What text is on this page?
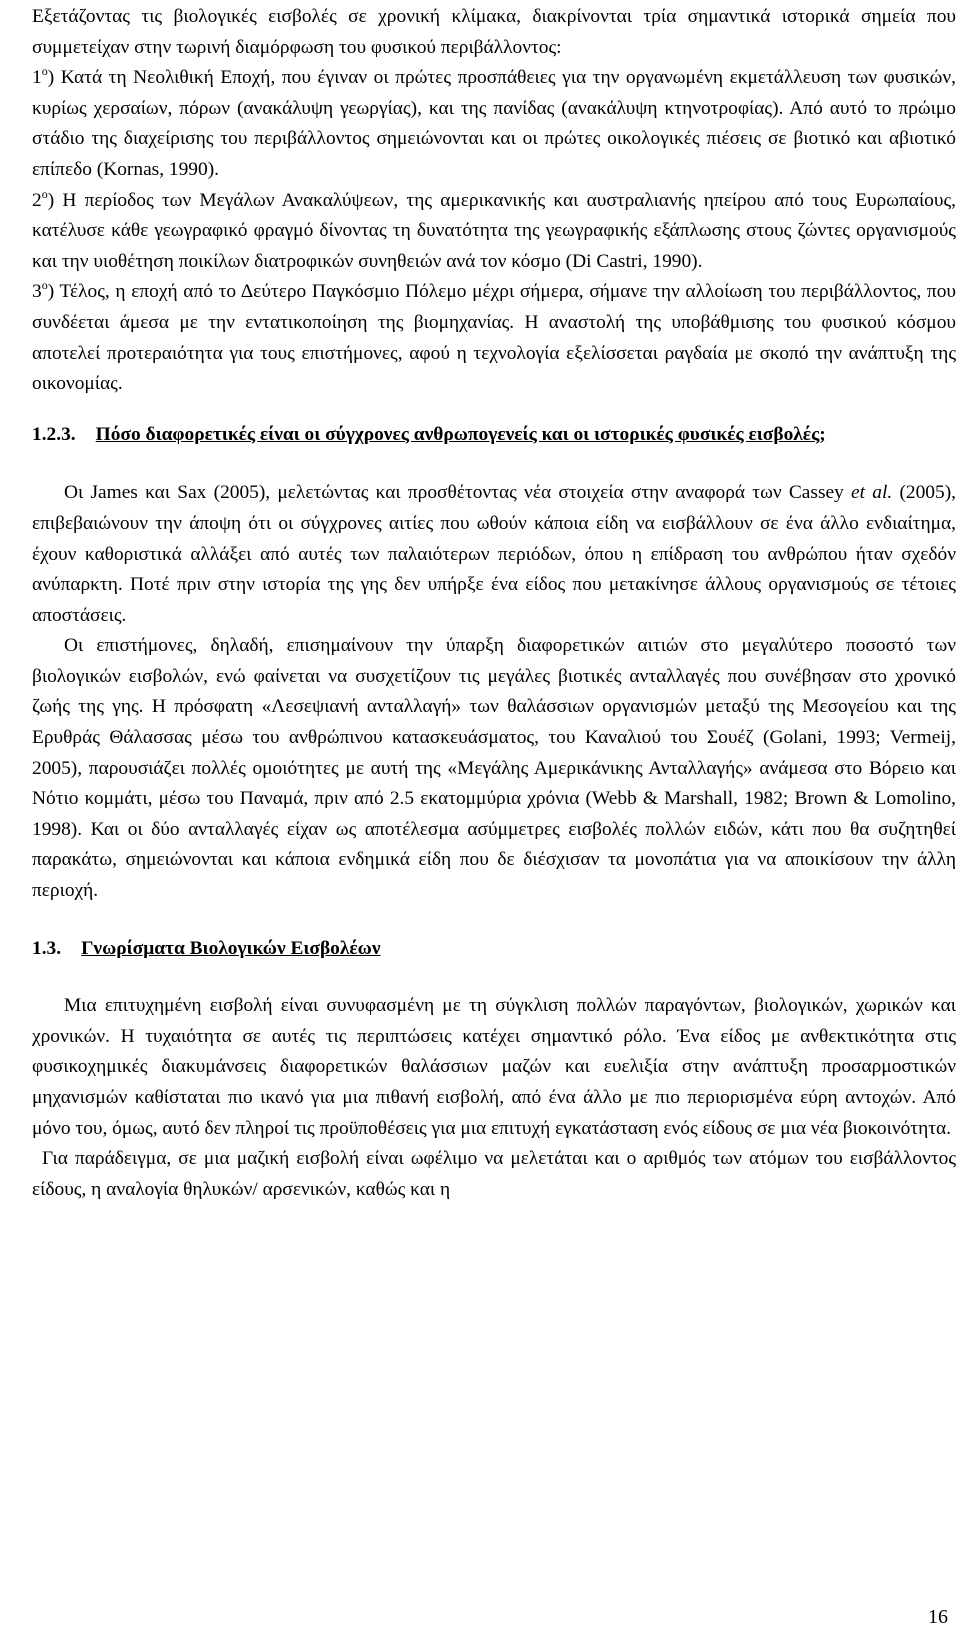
Εξετάζοντας τις βιολογικές εισβολές σε χρονική κλίμακα, διακρίνονται τρία σημαντικά ιστορικά σημεία που συμμετείχαν στην τωρινή διαμόρφωση του φυσικού περιβάλλοντος:

$1^o$) Κατά τη Νεολιθική Εποχή, που έγιναν οι πρώτες προσπάθειες για την οργανωμένη εκμετάλλευση των φυσικών, κυρίως χερσαίων, πόρων (ανακάλυψη γεωργίας), και της πανίδας (ανακάλυψη κτηνοτροφίας). Από αυτό το πρώιμο στάδιο της διαχείρισης του περιβάλλοντος σημειώνονται και οι πρώτες οικολογικές πιέσεις σε βιοτικό και αβιοτικό επίπεδο (Kornas, 1990).

$2^o$) Η περίοδος των Μεγάλων Ανακαλύψεων, της αμερικανικής και αυστραλιανής ηπείρου από τους Ευρωπαίους, κατέλυσε κάθε γεωγραφικό φραγμό δίνοντας τη δυνατότητα της γεωγραφικής εξάπλωσης στους ζώντες οργανισμούς και την υιοθέτηση ποικίλων διατροφικών συνηθειών ανά τον κόσμο (Di Castri, 1990).

$3^o$) Τέλος, η εποχή από το Δεύτερο Παγκόσμιο Πόλεμο μέχρι σήμερα, σήμανε την αλλοίωση του περιβάλλοντος, που συνδέεται άμεσα με την εντατικοποίηση της βιομηχανίας. Η αναστολή της υποβάθμισης του φυσικού κόσμου αποτελεί προτεραιότητα για τους επιστήμονες, αφού η τεχνολογία εξελίσσεται ραγδαία με σκοπό την ανάπτυξη της οικονομίας.

1.2.3. Πόσο διαφορετικές είναι οι σύγχρονες ανθρωπογενείς και οι ιστορικές φυσικές εισβολές;

Οι James και Sax (2005), μελετώντας και προσθέτοντας νέα στοιχεία στην αναφορά των Cassey et al. (2005), επιβεβαιώνουν την άποψη ότι οι σύγχρονες αιτίες που ωθούν κάποια είδη να εισβάλλουν σε ένα άλλο ενδιαίτημα, έχουν καθοριστικά αλλάξει από αυτές των παλαιότερων περιόδων, όπου η επίδραση του ανθρώπου ήταν σχεδόν ανύπαρκτη. Ποτέ πριν στην ιστορία της γης δεν υπήρξε ένα είδος που μετακίνησε άλλους οργανισμούς σε τέτοιες αποστάσεις.

Οι επιστήμονες, δηλαδή, επισημαίνουν την ύπαρξη διαφορετικών αιτιών στο μεγαλύτερο ποσοστό των βιολογικών εισβολών, ενώ φαίνεται να συσχετίζουν τις μεγάλες βιοτικές ανταλλαγές που συνέβησαν στο χρονικό ζωής της γης. Η πρόσφατη «Λεσεψιανή ανταλλαγή» των θαλάσσιων οργανισμών μεταξύ της Μεσογείου και της Ερυθράς Θάλασσας μέσω του ανθρώπινου κατασκευάσματος, του Καναλιού του Σουέζ (Golani, 1993; Vermeij, 2005), παρουσιάζει πολλές ομοιότητες με αυτή της «Μεγάλης Αμερικάνικης Ανταλλαγής» ανάμεσα στο Βόρειο και Νότιο κομμάτι, μέσω του Παναμά, πριν από 2.5 εκατομμύρια χρόνια (Webb & Marshall, 1982; Brown & Lomolino, 1998). Και οι δύο ανταλλαγές είχαν ως αποτέλεσμα ασύμμετρες εισβολές πολλών ειδών, κάτι που θα συζητηθεί παρακάτω, σημειώνονται και κάποια ενδημικά είδη που δε διέσχισαν τα μονοπάτια για να αποικίσουν την άλλη περιοχή.

1.3. Γνωρίσματα Βιολογικών Εισβολέων

Μια επιτυχημένη εισβολή είναι συνυφασμένη με τη σύγκλιση πολλών παραγόντων, βιολογικών, χωρικών και χρονικών. Η τυχαιότητα σε αυτές τις περιπτώσεις κατέχει σημαντικό ρόλο. Ένα είδος με ανθεκτικότητα στις φυσικοχημικές διακυμάνσεις διαφορετικών θαλάσσιων μαζών και ευελιξία στην ανάπτυξη προσαρμοστικών μηχανισμών καθίσταται πιο ικανό για μια πιθανή εισβολή, από ένα άλλο με πιο περιορισμένα εύρη αντοχών. Από μόνο του, όμως, αυτό δεν πληροί τις προϋποθέσεις για μια επιτυχή εγκατάσταση ενός είδους σε μια νέα βιοκοινότητα.

Για παράδειγμα, σε μια μαζική εισβολή είναι ωφέλιμο να μελετάται και ο αριθμός των ατόμων του εισβάλλοντος είδους, η αναλογία θηλυκών/ αρσενικών, καθώς και η

16
